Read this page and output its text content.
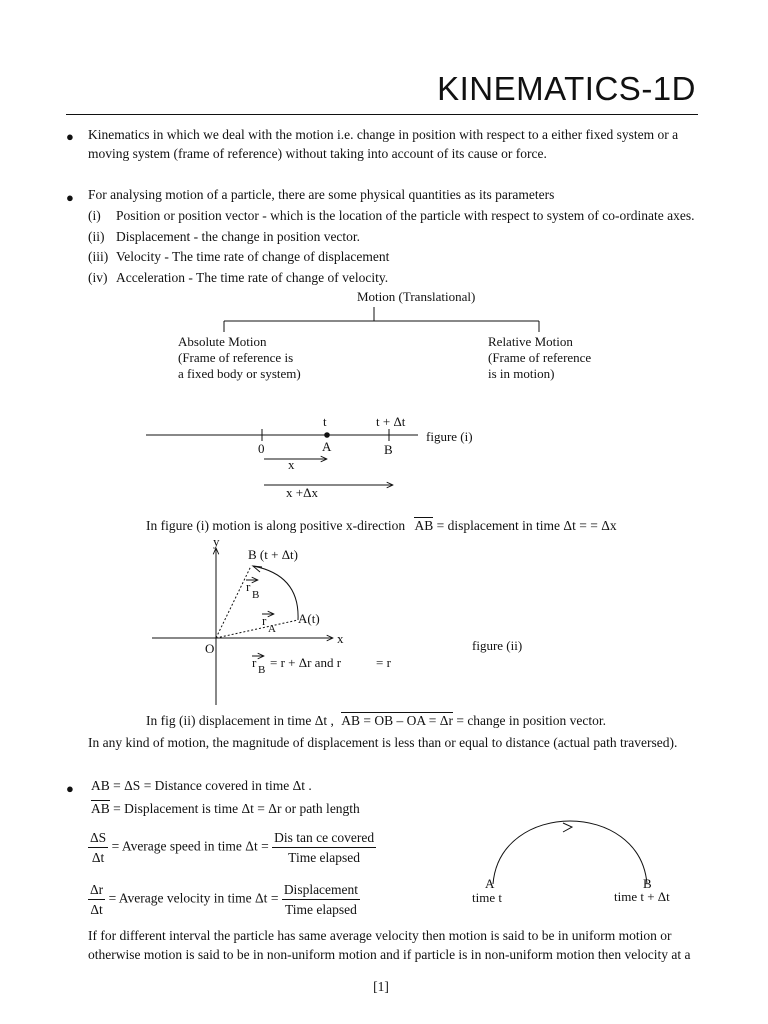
KINEMATICS-1D
● Kinematics in which we deal with the motion i.e. change in position with respect to a either fixed system or a
moving system (frame of reference) without taking into account of its cause or force.
● For analysing motion of a particle, there are some physical quantities as its parameters
(i) Position or position vector - which is the location of the particle with respect to system of co-ordinate axes.
(ii) Displacement - the change in position vector.
(iii) Velocity - The time rate of change of displacement
(iv) Acceleration - The time rate of change of velocity.
Motion (Translational)
Absolute Motion
(Frame of reference is
a fixed body or system)
Relative Motion
(Frame of reference
is in motion)
t	t + Δt
0	A	B
figure (i)
x
x +Δx
y
x
O
B (t + Δt)
A(t)
r
B
r
A
r B = r + Δr and r	= r
figure (ii)
A	B
time t	time t + Δt
In figure (i) motion is along positive x-direction AB = displacement in time Δt = = Δx
In fig (ii) displacement in time Δt , AB = OB – OA = Δr = change in position vector.
In any kind of motion, the magnitude of displacement is less than or equal to distance (actual path traversed).
● AB = ΔS = Distance covered in time Δt .
AB = Displacement is time Δt = Δr or path length
$\frac{\Delta S}{\Delta t}$ = Average speed in time $\Delta t = \frac{\text{Dis tan ce covered}}{\text{Time elapsed}}$
$\frac{\Delta r}{\Delta t}$ = Average velocity in time $\Delta t = \frac{\text{Displacement}}{\text{Time elapsed}}$
If for different interval the particle has same average velocity then motion is said to be in uniform motion or
otherwise motion is said to be in non-uniform motion and if particle is in non-uniform motion then velocity at a
[1]
